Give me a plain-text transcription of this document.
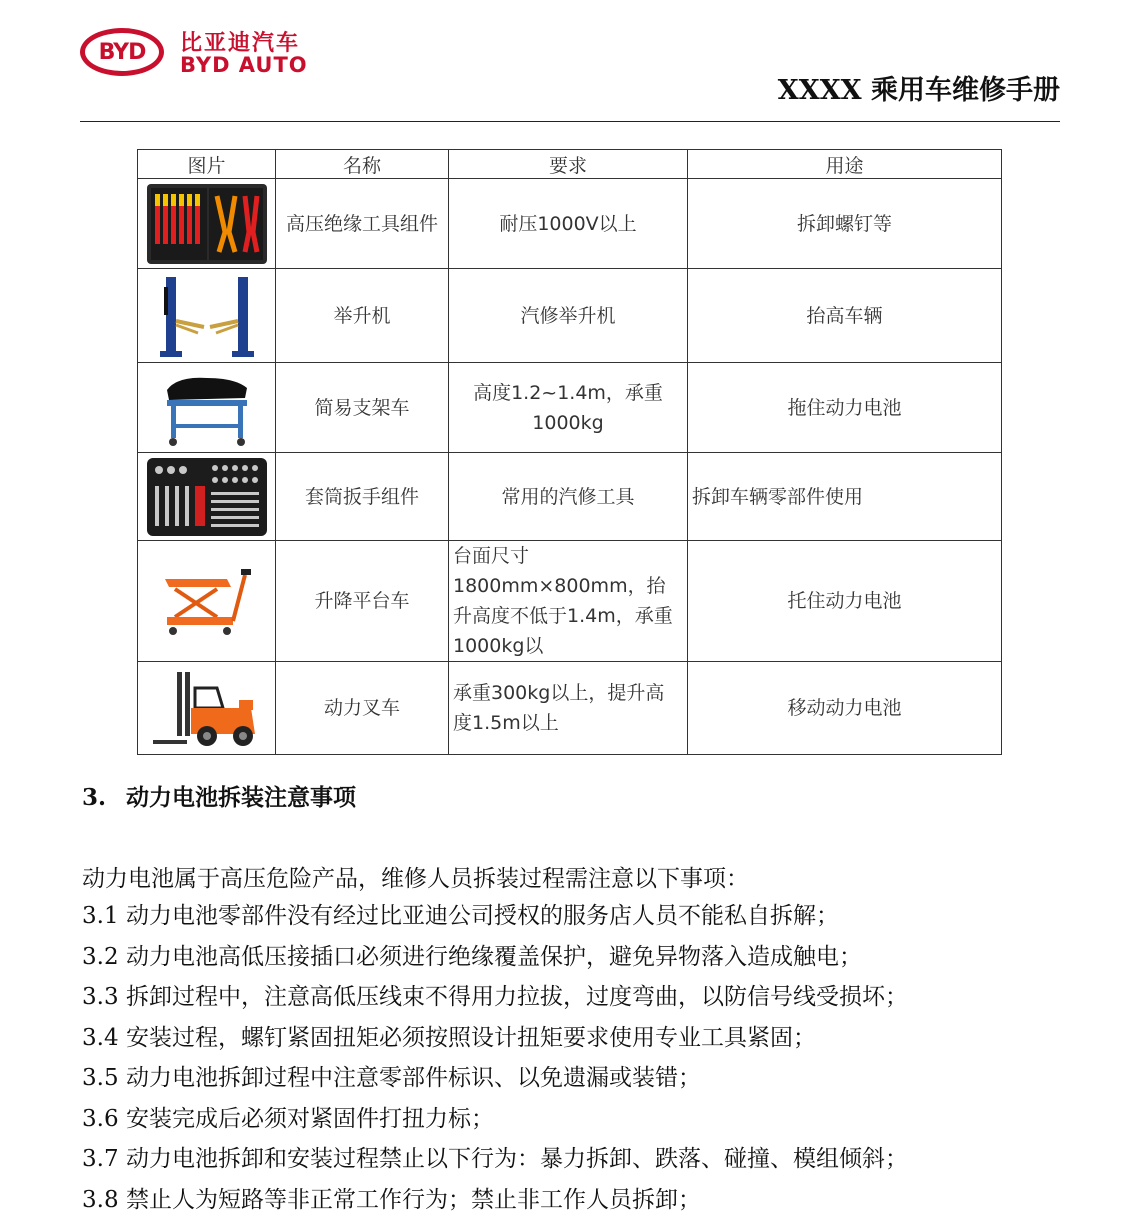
BYD	比亚迪汽车
BYD AUTO
XXXX 乘用车维修手册
图片	名称	要求	用途

	高压绝缘工具组件	耐压1000V以上	拆卸螺钉等

	举升机	汽修举升机	抬高车辆

	简易支架车	高度1.2~1.4m，承重1000kg	拖住动力电池

	套筒扳手组件	常用的汽修工具	拆卸车辆零部件使用

	升降平台车	台面尺寸1800mm×800mm，抬升高度不低于1.4m，承重1000kg以	托住动力电池

	动力叉车	承重300kg以上，提升高度1.5m以上	移动动力电池
3. 动力电池拆装注意事项
动力电池属于高压危险产品，维修人员拆装过程需注意以下事项：
3.1 动力电池零部件没有经过比亚迪公司授权的服务店人员不能私自拆解；
3.2 动力电池高低压接插口必须进行绝缘覆盖保护，避免异物落入造成触电；
3.3 拆卸过程中，注意高低压线束不得用力拉拔，过度弯曲，以防信号线受损坏；
3.4 安装过程，螺钉紧固扭矩必须按照设计扭矩要求使用专业工具紧固；
3.5 动力电池拆卸过程中注意零部件标识、以免遗漏或装错；
3.6 安装完成后必须对紧固件打扭力标；
3.7 动力电池拆卸和安装过程禁止以下行为：暴力拆卸、跌落、碰撞、模组倾斜；
3.8 禁止人为短路等非正常工作行为；禁止非工作人员拆卸；
